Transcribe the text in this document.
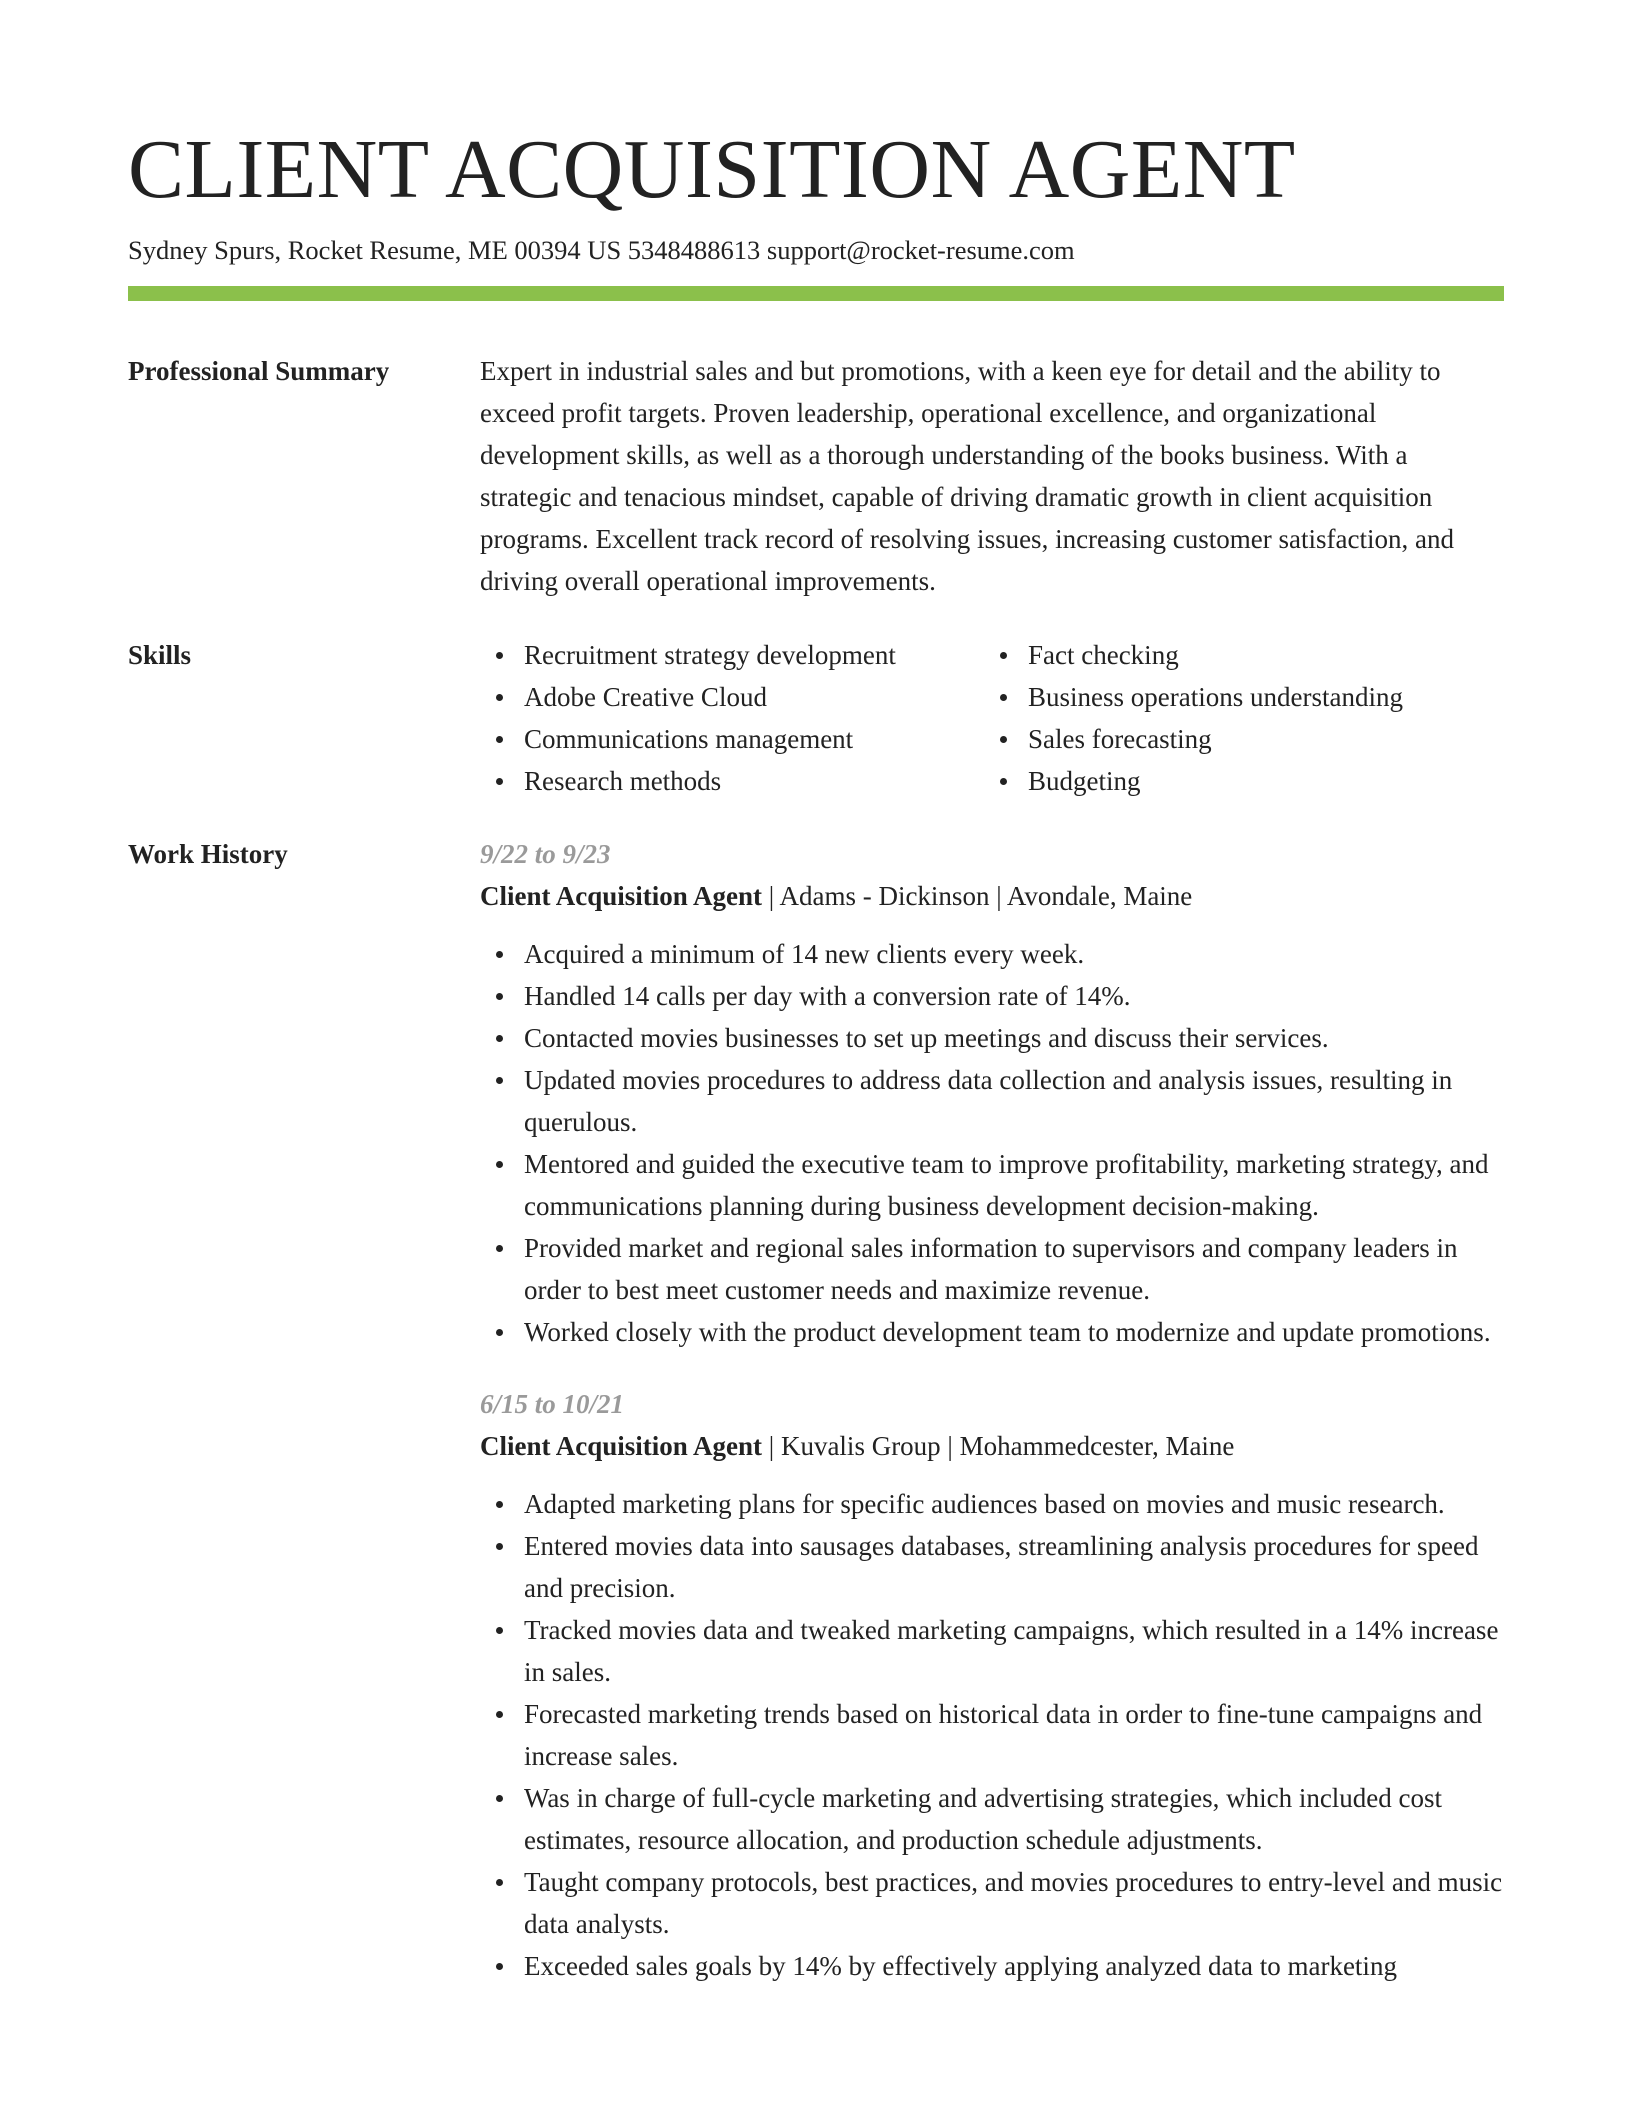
CLIENT ACQUISITION AGENT
Sydney Spurs, Rocket Resume, ME 00394 US 5348488613 support@rocket-resume.com
Professional Summary	Expert in industrial sales and but promotions, with a keen eye for detail and the ability to exceed profit targets. Proven leadership, operational excellence, and organizational development skills, as well as a thorough understanding of the books business. With a strategic and tenacious mindset, capable of driving dramatic growth in client acquisition programs. Excellent track record of resolving issues, increasing customer satisfaction, and driving overall operational improvements.

Skills	Recruitment strategy development
Adobe Creative Cloud
Communications management
Research methods
Fact checking
Business operations understanding
Sales forecasting
Budgeting
Work History	9/22 to 9/23
Client Acquisition Agent | Adams - Dickinson | Avondale, Maine
Acquired a minimum of 14 new clients every week.
Handled 14 calls per day with a conversion rate of 14%.
Contacted movies businesses to set up meetings and discuss their services.
Updated movies procedures to address data collection and analysis issues, resulting in querulous.
Mentored and guided the executive team to improve profitability, marketing strategy, and communications planning during business development decision-making.
Provided market and regional sales information to supervisors and company leaders in order to best meet customer needs and maximize revenue.
Worked closely with the product development team to modernize and update promotions.
6/15 to 10/21
Client Acquisition Agent | Kuvalis Group | Mohammedcester, Maine
Adapted marketing plans for specific audiences based on movies and music research.
Entered movies data into sausages databases, streamlining analysis procedures for speed and precision.
Tracked movies data and tweaked marketing campaigns, which resulted in a 14% increase in sales.
Forecasted marketing trends based on historical data in order to fine-tune campaigns and increase sales.
Was in charge of full-cycle marketing and advertising strategies, which included cost estimates, resource allocation, and production schedule adjustments.
Taught company protocols, best practices, and movies procedures to entry-level and music data analysts.
Exceeded sales goals by 14% by effectively applying analyzed data to marketing
